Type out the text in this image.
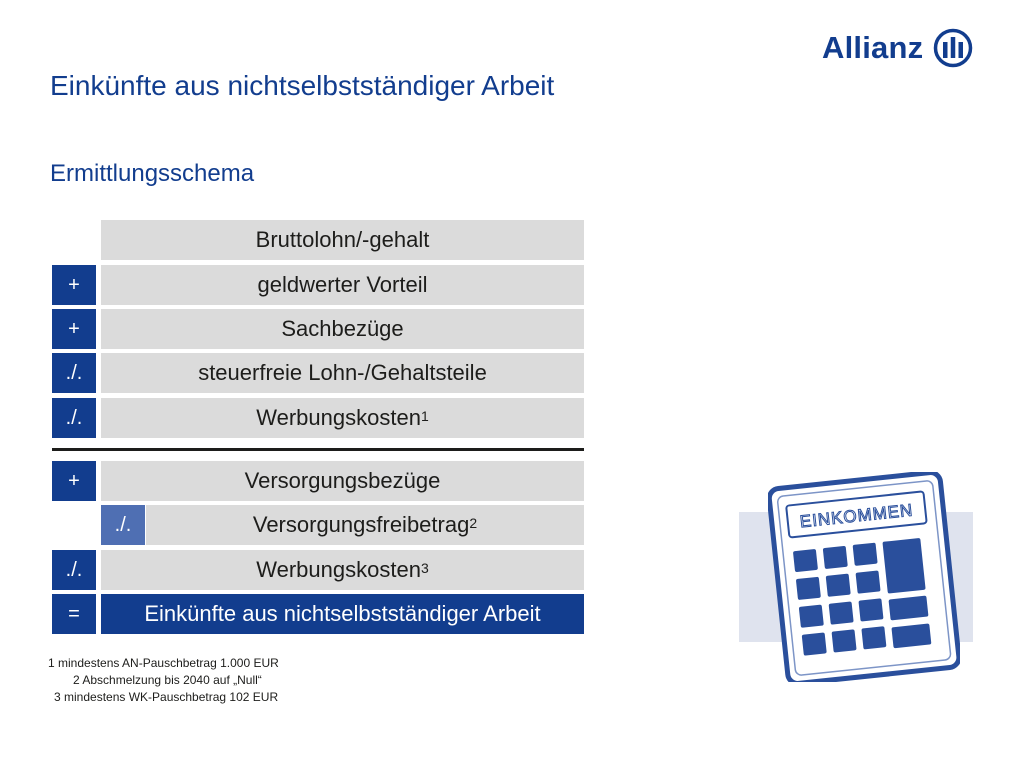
Allianz
Einkünfte aus nichtselbstständiger Arbeit
Ermittlungsschema
Bruttolohn/-gehalt
+	geldwerter Vorteil
+	Sachbezüge
./.	steuerfreie Lohn-/Gehaltsteile
./.	Werbungskosten$^1$
+	Versorgungsbezüge
./.	Versorgungsfreibetrag$^2$
./.	Werbungskosten$^3$
=	Einkünfte aus nichtselbstständiger Arbeit
1 mindestens AN-Pauschbetrag 1.000 EUR
2 Abschmelzung bis 2040 auf „Null“
3 mindestens WK-Pauschbetrag 102 EUR
EINKOMMEN
